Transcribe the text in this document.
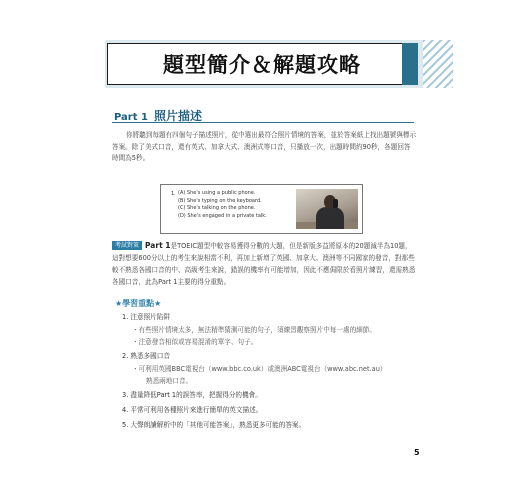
題型簡介＆解題攻略
Part 1 照片描述
你將聽到每題有四個句子描述照片，從中選出最符合照片情境的答案，並於答案紙上找出題號與標示答案。除了美式口音，還有英式、加拿大式、澳洲式等口音，只播放一次，出題時間約90秒，各題回答時間為5秒。
1. (A) She's using a public phone.
(B) She's typing on the keyboard.
(C) She's talking on the phone.
(D) She's engaged in a private talk.
考試對策 Part 1是TOEIC題型中較容易獲得分數的大題，但是新版多益將原本的20題減半為10題，這對想要600分以上的考生來說相當不利，再加上新增了英國、加拿大、澳洲等不同國家的發音，對那些較不熟悉各國口音的中、高級考生來說，錯誤的機率有可能增加，因此不應侷限於看照片練習，還需熟悉各國口音，此為Part 1主要的得分重點。
★學習重點★
1. 注意照片陷阱
・有些照片情境太多，無法精準猜測可能的句子，須練習觀察照片中每一處的細節。
・注意發音相似或容易混淆的單字、句子。
2. 熟悉多國口音
・可利用英國BBC電視台（www.bbc.co.uk）或澳洲ABC電視台（www.abc.net.au）
熟悉兩地口音。
3. 盡量降低Part 1的誤答率，把握得分的機會。
4. 平常可利用各種照片來進行簡單的英文描述。
5. 大聲朗讀解析中的「其他可能答案」，熟悉更多可能的答案。
5
